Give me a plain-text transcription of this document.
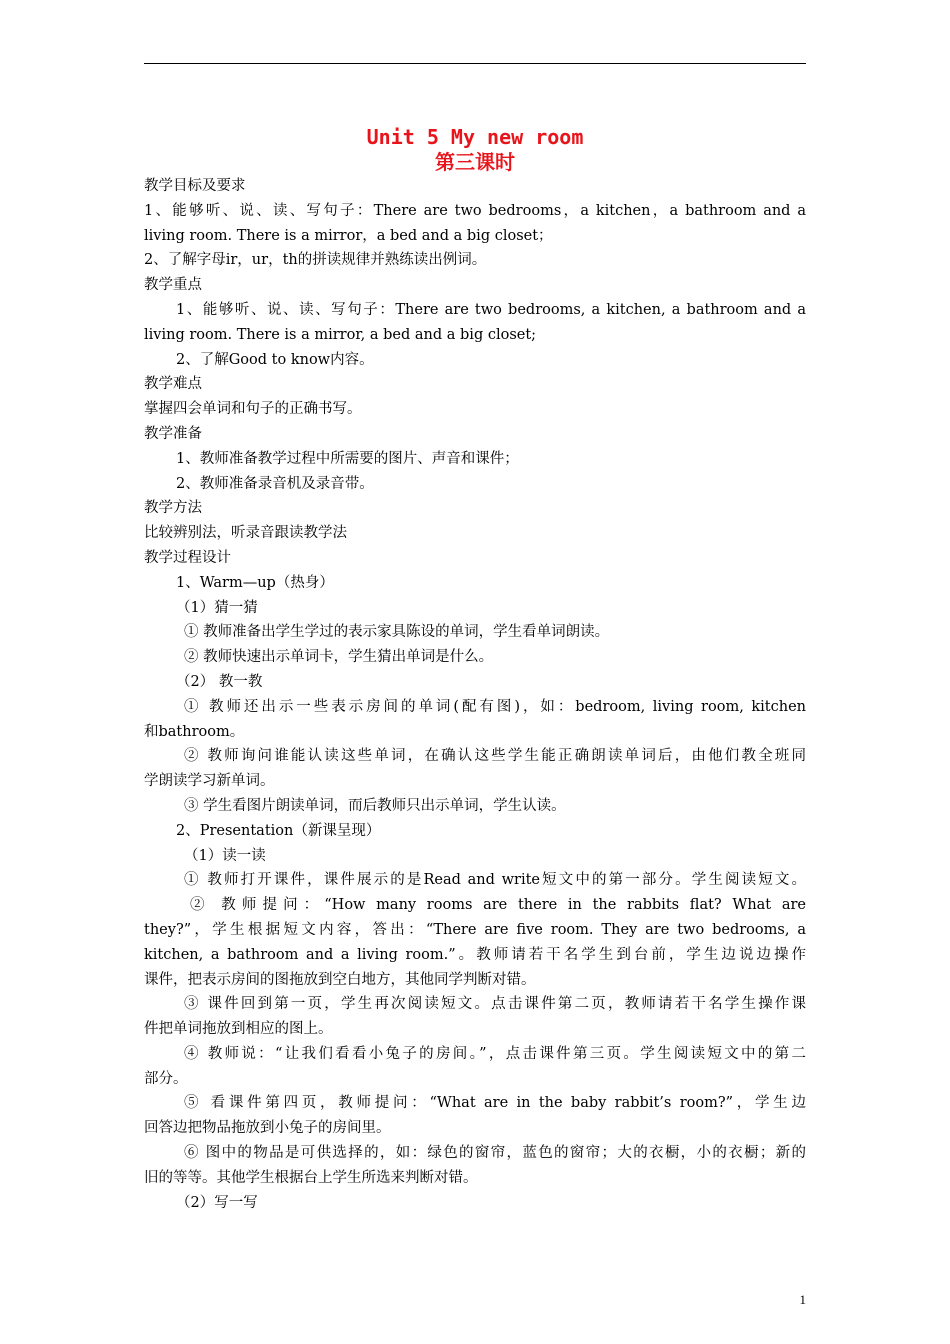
Unit 5 My new room
第三课时
教学目标及要求
1、能够听、说、读、写句子：There are two bedrooms，a kitchen，a bathroom and a
living room. There is a mirror，a bed and a big closet；
2、了解字母ir，ur，th的拼读规律并熟练读出例词。
教学重点
1、能够听、说、读、写句子：There are two bedrooms, a kitchen, a bathroom and a
living room. There is a mirror, a bed and a big closet;
2、了解Good to know内容。
教学难点
掌握四会单词和句子的正确书写。
教学准备
1、教师准备教学过程中所需要的图片、声音和课件；
2、教师准备录音机及录音带。
教学方法
比较辨别法，听录音跟读教学法
教学过程设计
1、Warm—up（热身）
（1）猜一猜
① 教师准备出学生学过的表示家具陈设的单词，学生看单词朗读。
② 教师快速出示单词卡，学生猜出单词是什么。
（2） 教一教
① 教师还出示一些表示房间的单词(配有图)，如：bedroom, living room, kitchen
和bathroom。
② 教师询问谁能认读这些单词，在确认这些学生能正确朗读单词后，由他们教全班同
学朗读学习新单词。
③ 学生看图片朗读单词，而后教师只出示单词，学生认读。
2、Presentation（新课呈现）
（1）读一读
① 教师打开课件，课件展示的是Read and write短文中的第一部分。学生阅读短文。
② 教师提问：“How many rooms are there in the rabbits flat? What are
they?”，学生根据短文内容，答出：“There are five room. They are two bedrooms, a
kitchen, a bathroom and a living room.”。教师请若干名学生到台前，学生边说边操作
课件，把表示房间的图拖放到空白地方，其他同学判断对错。
③ 课件回到第一页，学生再次阅读短文。点击课件第二页，教师请若干名学生操作课
件把单词拖放到相应的图上。
④ 教师说：“让我们看看小兔子的房间。”，点击课件第三页。学生阅读短文中的第二
部分。
⑤ 看课件第四页，教师提问：“What are in the baby rabbit’s room?”，学生边
回答边把物品拖放到小兔子的房间里。
⑥ 图中的物品是可供选择的，如：绿色的窗帘，蓝色的窗帘；大的衣橱，小的衣橱；新的
旧的等等。其他学生根据台上学生所选来判断对错。
（2）写一写
1
